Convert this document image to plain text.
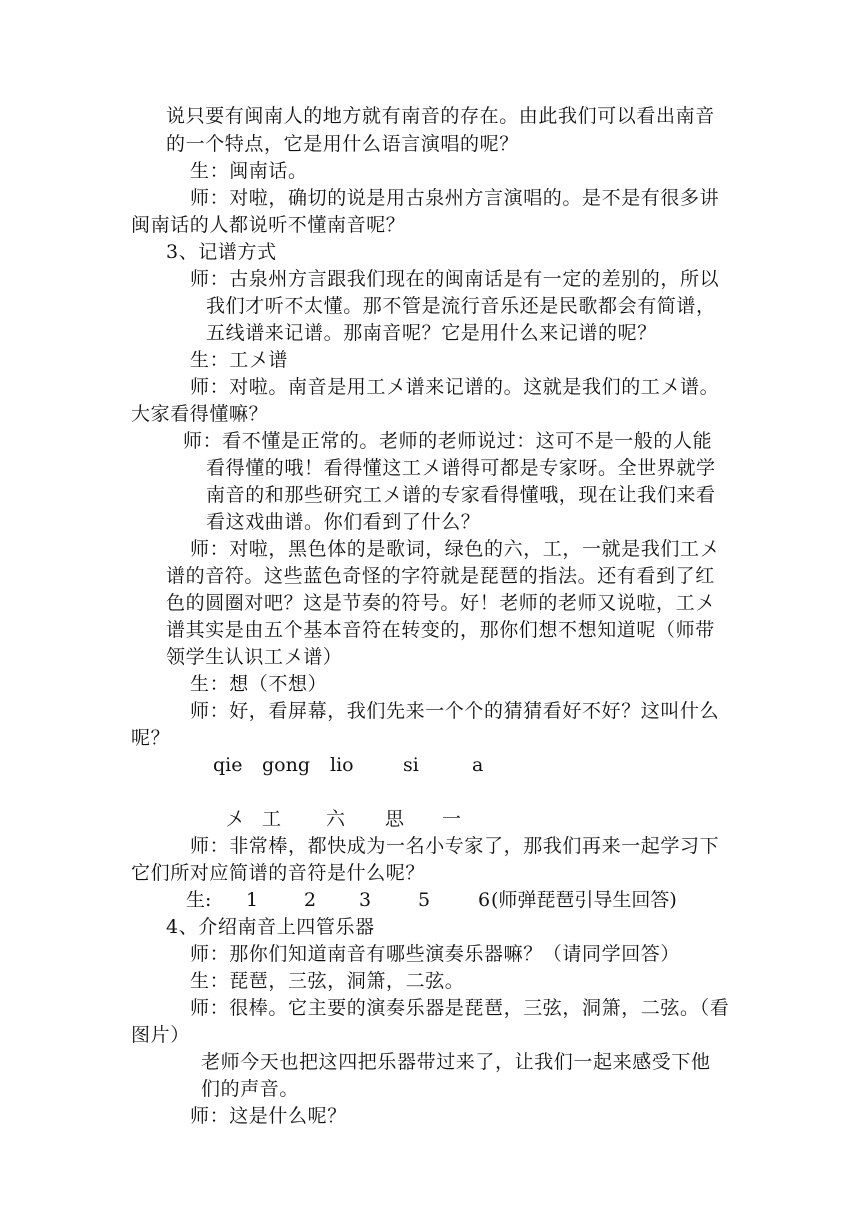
说只要有闽南人的地方就有南音的存在。由此我们可以看出南音
的一个特点，它是用什么语言演唱的呢？
生：闽南话。
师：对啦，确切的说是用古泉州方言演唱的。是不是有很多讲
闽南话的人都说听不懂南音呢？
3、记谱方式
师：古泉州方言跟我们现在的闽南话是有一定的差别的，所以
我们才听不太懂。那不管是流行音乐还是民歌都会有简谱，
五线谱来记谱。那南音呢？它是用什么来记谱的呢？
生：工〤谱
师：对啦。南音是用工〤谱来记谱的。这就是我们的工〤谱。
大家看得懂嘛？
师：看不懂是正常的。老师的老师说过：这可不是一般的人能
看得懂的哦！看得懂这工〤谱得可都是专家呀。全世界就学
南音的和那些研究工〤谱的专家看得懂哦，现在让我们来看
看这戏曲谱。你们看到了什么？
师：对啦，黑色体的是歌词，绿色的六，工，一就是我们工〤
谱的音符。这些蓝色奇怪的字符就是琵琶的指法。还有看到了红
色的圆圈对吧？这是节奏的符号。好！老师的老师又说啦，工〤
谱其实是由五个基本音符在转变的，那你们想不想知道呢（师带
领学生认识工〤谱）
生：想（不想）
师：好，看屏幕，我们先来一个个的猜猜看好不好？这叫什么
呢？
qie gong lio	si	a
〤 工 六 思 一
师：非常棒，都快成为一名小专家了，那我们再来一起学习下
它们所对应简谱的音符是什么呢？
生: 1 2 3 5	6 (师弹琵琶引导生回答)
4、介绍南音上四管乐器
师：那你们知道南音有哪些演奏乐器嘛？（请同学回答）
生：琵琶，三弦，洞箫，二弦。
师：很棒。它主要的演奏乐器是琵琶，三弦，洞箫，二弦。（看
图片）
老师今天也把这四把乐器带过来了，让我们一起来感受下他
们的声音。
师：这是什么呢？
